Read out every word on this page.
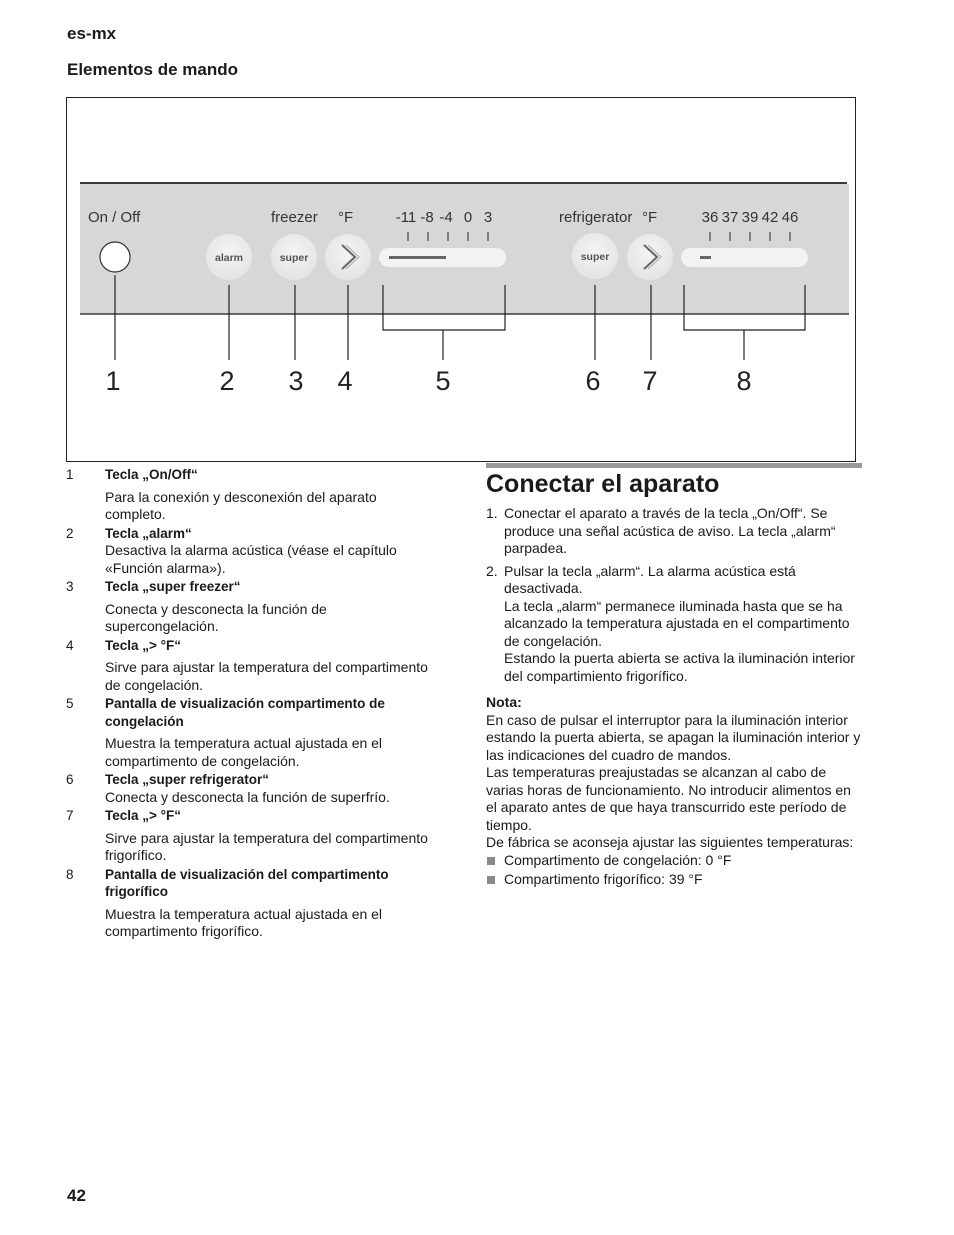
es-mx
Elementos de mando
On / Off	freezer °F	refrigerator °F
-11 -8 -4 0 3	36 37 39 42 46
alarm	super	super
1	2 3 4	5	6 7	8
1 Tecla „On/Off“
Para la conexión y desconexión del aparato completo.
2 Tecla „alarm“
Desactiva la alarma acústica (véase el capítulo «Función alarma»).
3 Tecla „super freezer“
Conecta y desconecta la función de supercongelación.
4 Tecla „> °F“
Sirve para ajustar la temperatura del compartimento de congelación.
5 Pantalla de visualización compartimento de congelación
Muestra la temperatura actual ajustada en el compartimento de congelación.
6 Tecla „super refrigerator“
Conecta y desconecta la función de superfrío.
7 Tecla „> °F“
Sirve para ajustar la temperatura del compartimento frigorífico.
8 Pantalla de visualización del compartimento frigorífico
Muestra la temperatura actual ajustada en el compartimento frigorífico.
Conectar el aparato
1. Conectar el aparato a través de la tecla „On/Off“. Se produce una señal acústica de aviso. La tecla „alarm“ parpadea.
2. Pulsar la tecla „alarm“. La alarma acústica está desactivada.

La tecla „alarm“ permanece iluminada hasta que se ha alcanzado la temperatura ajustada en el compartimento de congelación.

Estando la puerta abierta se activa la iluminación interior del compartimiento frigorífico.

Nota:

En caso de pulsar el interruptor para la iluminación interior estando la puerta abierta, se apagan la iluminación interior y las indicaciones del cuadro de mandos.

Las temperaturas preajustadas se alcanzan al cabo de varias horas de funcionamiento. No introducir alimentos en el aparato antes de que haya transcurrido este período de tiempo.

De fábrica se aconseja ajustar las siguientes temperaturas:

Compartimento de congelación: 0 °F
Compartimento frigorífico: 39 °F
42
